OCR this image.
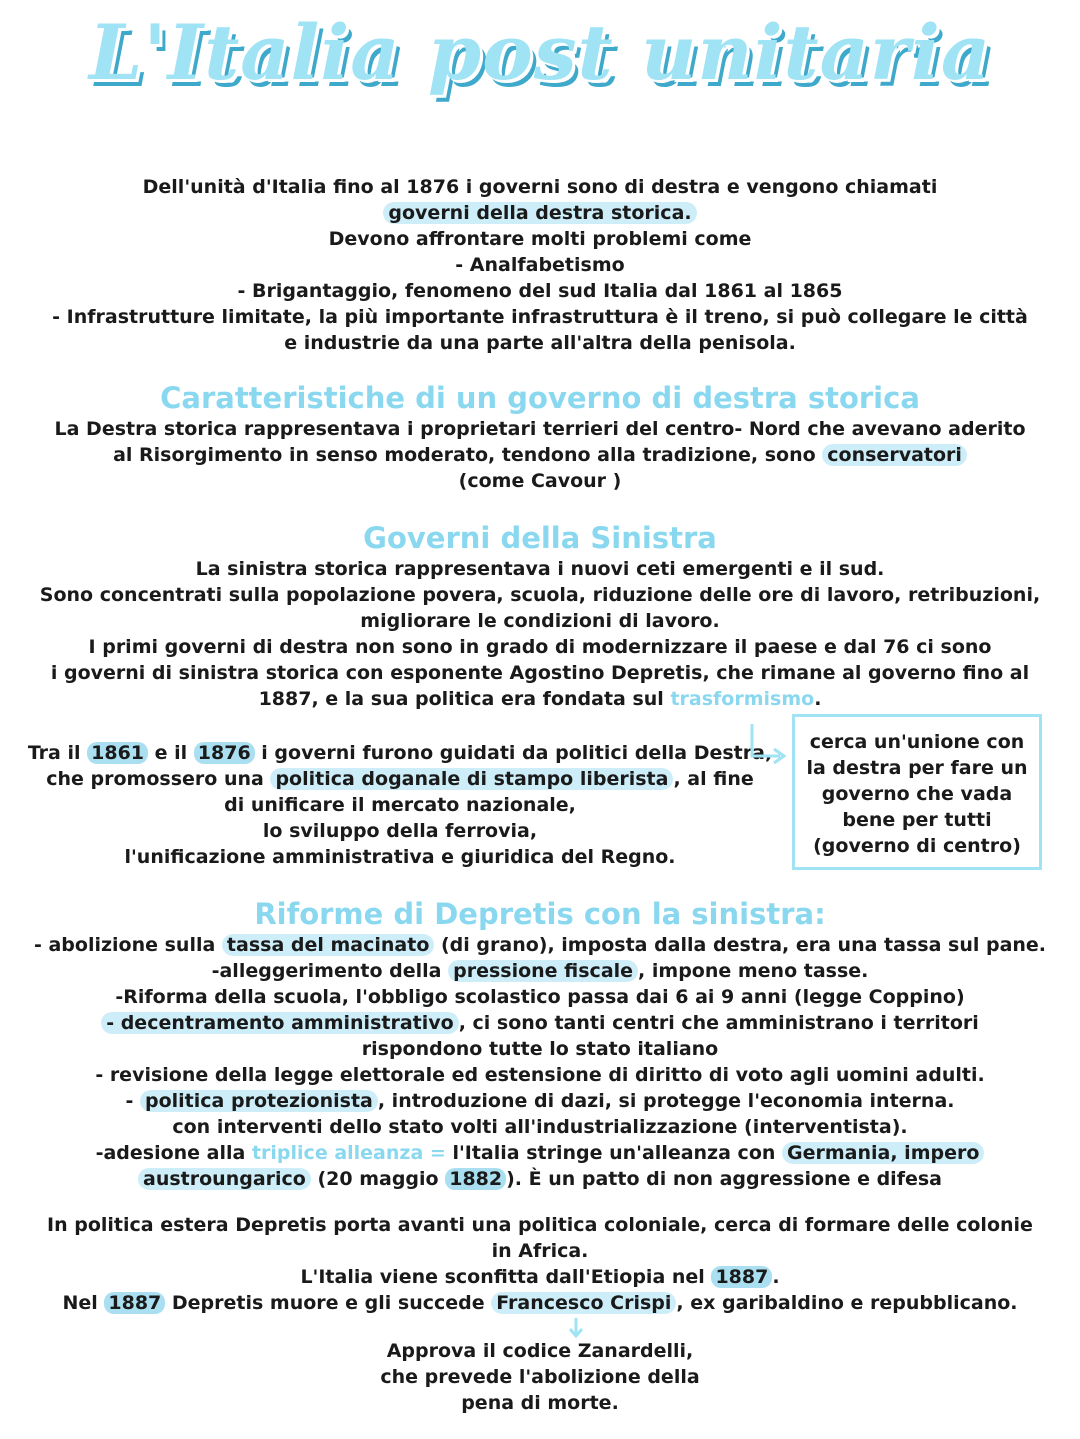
L'Italia post unitaria
Dell'unità d'Italia fino al 1876 i governi sono di destra e vengono chiamati
governi della destra storica.
Devono affrontare molti problemi come
- Analfabetismo
- Brigantaggio, fenomeno del sud Italia dal 1861 al 1865
- Infrastrutture limitate, la più importante infrastruttura è il treno, si può collegare le città
e industrie da una parte all'altra della penisola.
Caratteristiche di un governo di destra storica
La Destra storica rappresentava i proprietari terrieri del centro- Nord che avevano aderito
al Risorgimento in senso moderato, tendono alla tradizione, sono conservatori
(come Cavour )
Governi della Sinistra
La sinistra storica rappresentava i nuovi ceti emergenti e il sud.
Sono concentrati sulla popolazione povera, scuola, riduzione delle ore di lavoro, retribuzioni,
migliorare le condizioni di lavoro.
I primi governi di destra non sono in grado di modernizzare il paese e dal 76 ci sono
i governi di sinistra storica con esponente Agostino Depretis, che rimane al governo fino al
1887, e la sua politica era fondata sul trasformismo.
Tra il 1861 e il 1876 i governi furono guidati da politici della Destra,
che promossero una politica doganale di stampo liberista , al fine
di unificare il mercato nazionale,
lo sviluppo della ferrovia,
l'unificazione amministrativa e giuridica del Regno.
cerca un'unione con
la destra per fare un
governo che vada
bene per tutti
(governo di centro)
Riforme di Depretis con la sinistra:
- abolizione sulla tassa del macinato (di grano), imposta dalla destra, era una tassa sul pane.
-alleggerimento della pressione fiscale , impone meno tasse.
-Riforma della scuola, l'obbligo scolastico passa dai 6 ai 9 anni (legge Coppino)
- decentramento amministrativo , ci sono tanti centri che amministrano i territori
rispondono tutte lo stato italiano
- revisione della legge elettorale ed estensione di diritto di voto agli uomini adulti.
- politica protezionista , introduzione di dazi, si protegge l'economia interna.
con interventi dello stato volti all'industrializzazione (interventista).
-adesione alla triplice alleanza = l'Italia stringe un'alleanza con Germania, impero
austroungarico (20 maggio 1882 ). È un patto di non aggressione e difesa
In politica estera Depretis porta avanti una politica coloniale, cerca di formare delle colonie
in Africa.
L'Italia viene sconfitta dall'Etiopia nel 1887 .
Nel 1887 Depretis muore e gli succede Francesco Crispi , ex garibaldino e repubblicano.
Approva il codice Zanardelli,
che prevede l'abolizione della
pena di morte.
